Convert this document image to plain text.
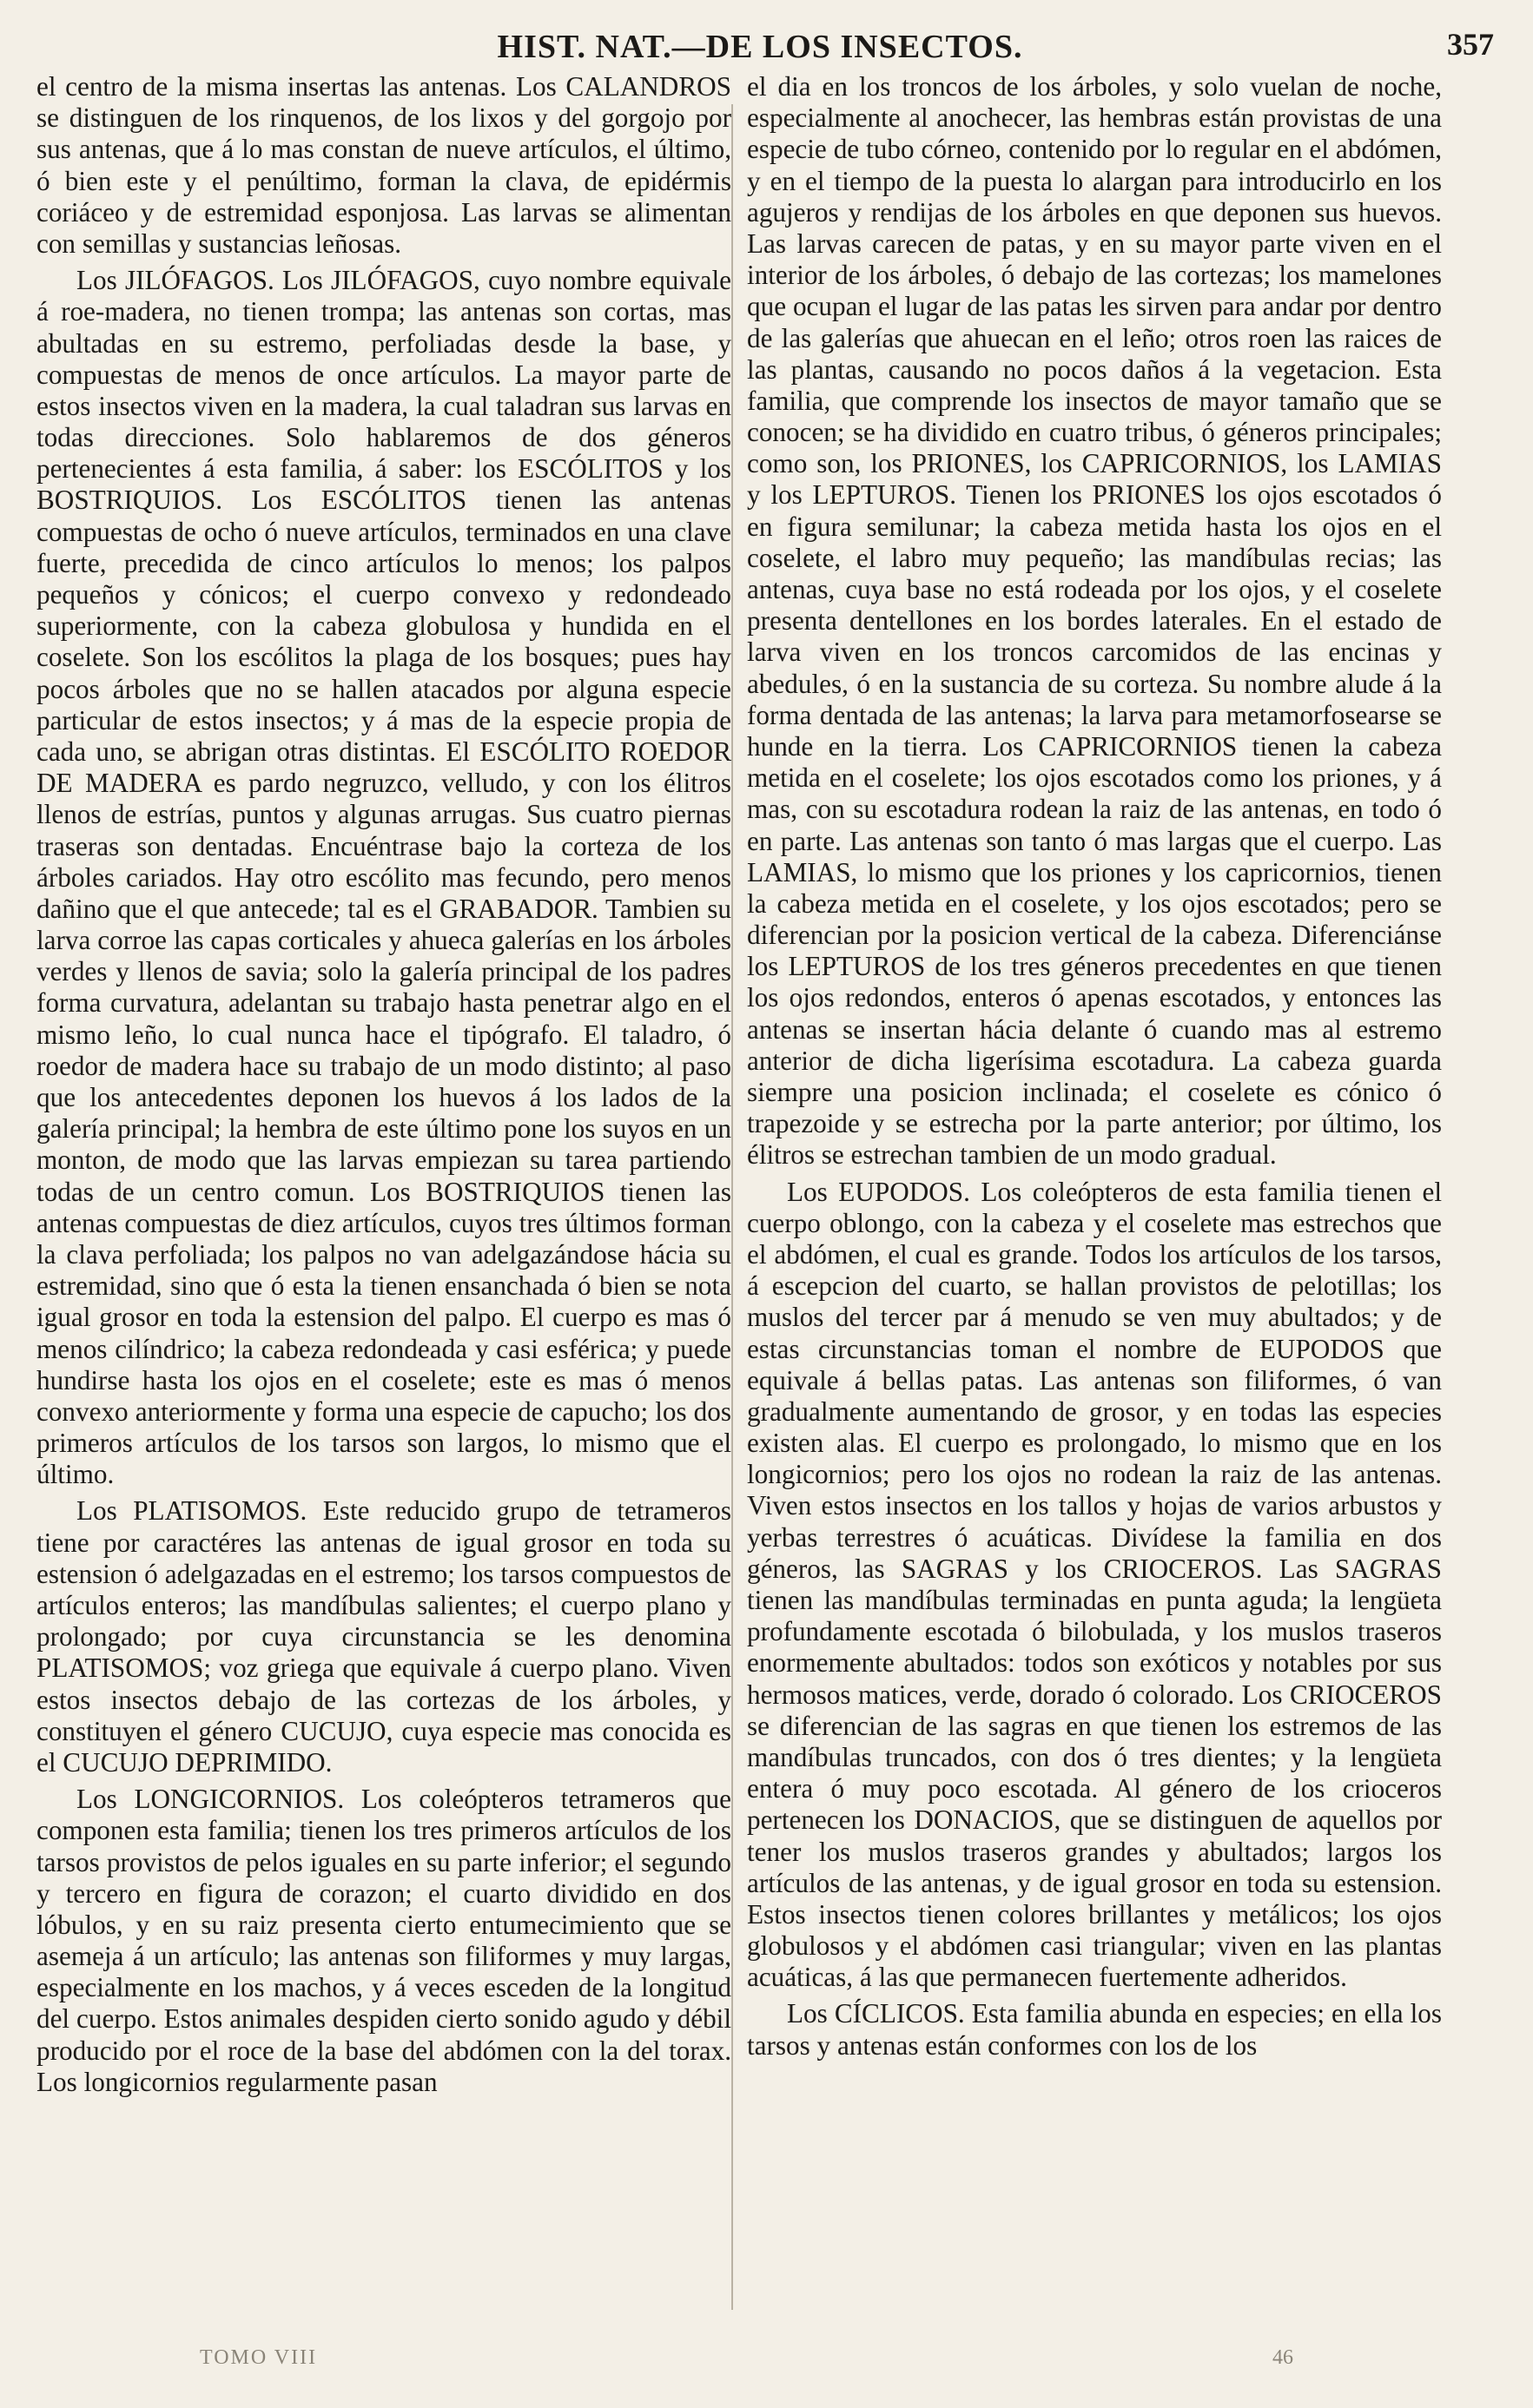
HIST. NAT.—DE LOS INSECTOS.	357

el centro de la misma insertas las antenas. Los CALANDROS se distinguen de los rinquenos, de los lixos y del gorgojo por sus antenas, que á lo mas constan de nueve artículos, el último, ó bien este y el penúltimo, forman la clava, de epidérmis coriáceo y de estremidad esponjosa. Las larvas se alimentan con semillas y sustancias leñosas.

Los JILÓFAGOS. Los JILÓFAGOS, cuyo nombre equivale á roe-madera, no tienen trompa; las antenas son cortas, mas abultadas en su estremo, perfoliadas desde la base, y compuestas de menos de once artículos. La mayor parte de estos insectos viven en la madera, la cual taladran sus larvas en todas direcciones. Solo hablaremos de dos géneros pertenecientes á esta familia, á saber: los ESCÓLITOS y los BOSTRIQUIOS. Los ESCÓLITOS tienen las antenas compuestas de ocho ó nueve artículos, terminados en una clave fuerte, precedida de cinco artículos lo menos; los palpos pequeños y cónicos; el cuerpo convexo y redondeado superiormente, con la cabeza globulosa y hundida en el coselete. Son los escólitos la plaga de los bosques; pues hay pocos árboles que no se hallen atacados por alguna especie particular de estos insectos; y á mas de la especie propia de cada uno, se abrigan otras distintas. El ESCÓLITO ROEDOR DE MADERA es pardo negruzco, velludo, y con los élitros llenos de estrías, puntos y algunas arrugas. Sus cuatro piernas traseras son dentadas. Encuéntrase bajo la corteza de los árboles cariados. Hay otro escólito mas fecundo, pero menos dañino que el que antecede; tal es el GRABADOR. Tambien su larva corroe las capas corticales y ahueca galerías en los árboles verdes y llenos de savia; solo la galería principal de los padres forma curvatura, adelantan su trabajo hasta penetrar algo en el mismo leño, lo cual nunca hace el tipógrafo. El taladro, ó roedor de madera hace su trabajo de un modo distinto; al paso que los antecedentes deponen los huevos á los lados de la galería principal; la hembra de este último pone los suyos en un monton, de modo que las larvas empiezan su tarea partiendo todas de un centro comun. Los BOSTRIQUIOS tienen las antenas compuestas de diez artículos, cuyos tres últimos forman la clava perfoliada; los palpos no van adelgazándose hácia su estremidad, sino que ó esta la tienen ensanchada ó bien se nota igual grosor en toda la estension del palpo. El cuerpo es mas ó menos cilíndrico; la cabeza redondeada y casi esférica; y puede hundirse hasta los ojos en el coselete; este es mas ó menos convexo anteriormente y forma una especie de capucho; los dos primeros artículos de los tarsos son largos, lo mismo que el último.

Los PLATISOMOS. Este reducido grupo de tetrameros tiene por caractéres las antenas de igual grosor en toda su estension ó adelgazadas en el estremo; los tarsos compuestos de artículos enteros; las mandíbulas salientes; el cuerpo plano y prolongado; por cuya circunstancia se les denomina PLATISOMOS; voz griega que equivale á cuerpo plano. Viven estos insectos debajo de las cortezas de los árboles, y constituyen el género CUCUJO, cuya especie mas conocida es el CUCUJO DEPRIMIDO.

Los LONGICORNIOS. Los coleópteros tetrameros que componen esta familia; tienen los tres primeros artículos de los tarsos provistos de pelos iguales en su parte inferior; el segundo y tercero en figura de corazon; el cuarto dividido en dos lóbulos, y en su raiz presenta cierto entumecimiento que se asemeja á un artículo; las antenas son filiformes y muy largas, especialmente en los machos, y á veces esceden de la longitud del cuerpo. Estos animales despiden cierto sonido agudo y débil producido por el roce de la base del abdómen con la del torax. Los longicornios regularmente pasan

el dia en los troncos de los árboles, y solo vuelan de noche, especialmente al anochecer, las hembras están provistas de una especie de tubo córneo, contenido por lo regular en el abdómen, y en el tiempo de la puesta lo alargan para introducirlo en los agujeros y rendijas de los árboles en que deponen sus huevos. Las larvas carecen de patas, y en su mayor parte viven en el interior de los árboles, ó debajo de las cortezas; los mamelones que ocupan el lugar de las patas les sirven para andar por dentro de las galerías que ahuecan en el leño; otros roen las raices de las plantas, causando no pocos daños á la vegetacion. Esta familia, que comprende los insectos de mayor tamaño que se conocen; se ha dividido en cuatro tribus, ó géneros principales; como son, los PRIONES, los CAPRICORNIOS, los LAMIAS y los LEPTUROS. Tienen los PRIONES los ojos escotados ó en figura semilunar; la cabeza metida hasta los ojos en el coselete, el labro muy pequeño; las mandíbulas recias; las antenas, cuya base no está rodeada por los ojos, y el coselete presenta dentellones en los bordes laterales. En el estado de larva viven en los troncos carcomidos de las encinas y abedules, ó en la sustancia de su corteza. Su nombre alude á la forma dentada de las antenas; la larva para metamorfosearse se hunde en la tierra. Los CAPRICORNIOS tienen la cabeza metida en el coselete; los ojos escotados como los priones, y á mas, con su escotadura rodean la raiz de las antenas, en todo ó en parte. Las antenas son tanto ó mas largas que el cuerpo. Las LAMIAS, lo mismo que los priones y los capricornios, tienen la cabeza metida en el coselete, y los ojos escotados; pero se diferencian por la posicion vertical de la cabeza. Diferenciánse los LEPTUROS de los tres géneros precedentes en que tienen los ojos redondos, enteros ó apenas escotados, y entonces las antenas se insertan hácia delante ó cuando mas al estremo anterior de dicha ligerísima escotadura. La cabeza guarda siempre una posicion inclinada; el coselete es cónico ó trapezoide y se estrecha por la parte anterior; por último, los élitros se estrechan tambien de un modo gradual.

Los EUPODOS. Los coleópteros de esta familia tienen el cuerpo oblongo, con la cabeza y el coselete mas estrechos que el abdómen, el cual es grande. Todos los artículos de los tarsos, á escepcion del cuarto, se hallan provistos de pelotillas; los muslos del tercer par á menudo se ven muy abultados; y de estas circunstancias toman el nombre de EUPODOS que equivale á bellas patas. Las antenas son filiformes, ó van gradualmente aumentando de grosor, y en todas las especies existen alas. El cuerpo es prolongado, lo mismo que en los longicornios; pero los ojos no rodean la raiz de las antenas. Viven estos insectos en los tallos y hojas de varios arbustos y yerbas terrestres ó acuáticas. Divídese la familia en dos géneros, las SAGRAS y los CRIOCEROS. Las SAGRAS tienen las mandíbulas terminadas en punta aguda; la lengüeta profundamente escotada ó bilobulada, y los muslos traseros enormemente abultados: todos son exóticos y notables por sus hermosos matices, verde, dorado ó colorado. Los CRIOCEROS se diferencian de las sagras en que tienen los estremos de las mandíbulas truncados, con dos ó tres dientes; y la lengüeta entera ó muy poco escotada. Al género de los crioceros pertenecen los DONACIOS, que se distinguen de aquellos por tener los muslos traseros grandes y abultados; largos los artículos de las antenas, y de igual grosor en toda su estension. Estos insectos tienen colores brillantes y metálicos; los ojos globulosos y el abdómen casi triangular; viven en las plantas acuáticas, á las que permanecen fuertemente adheridos.

Los CÍCLICOS. Esta familia abunda en especies; en ella los tarsos y antenas están conformes con los de los

TOMO VIII	46
